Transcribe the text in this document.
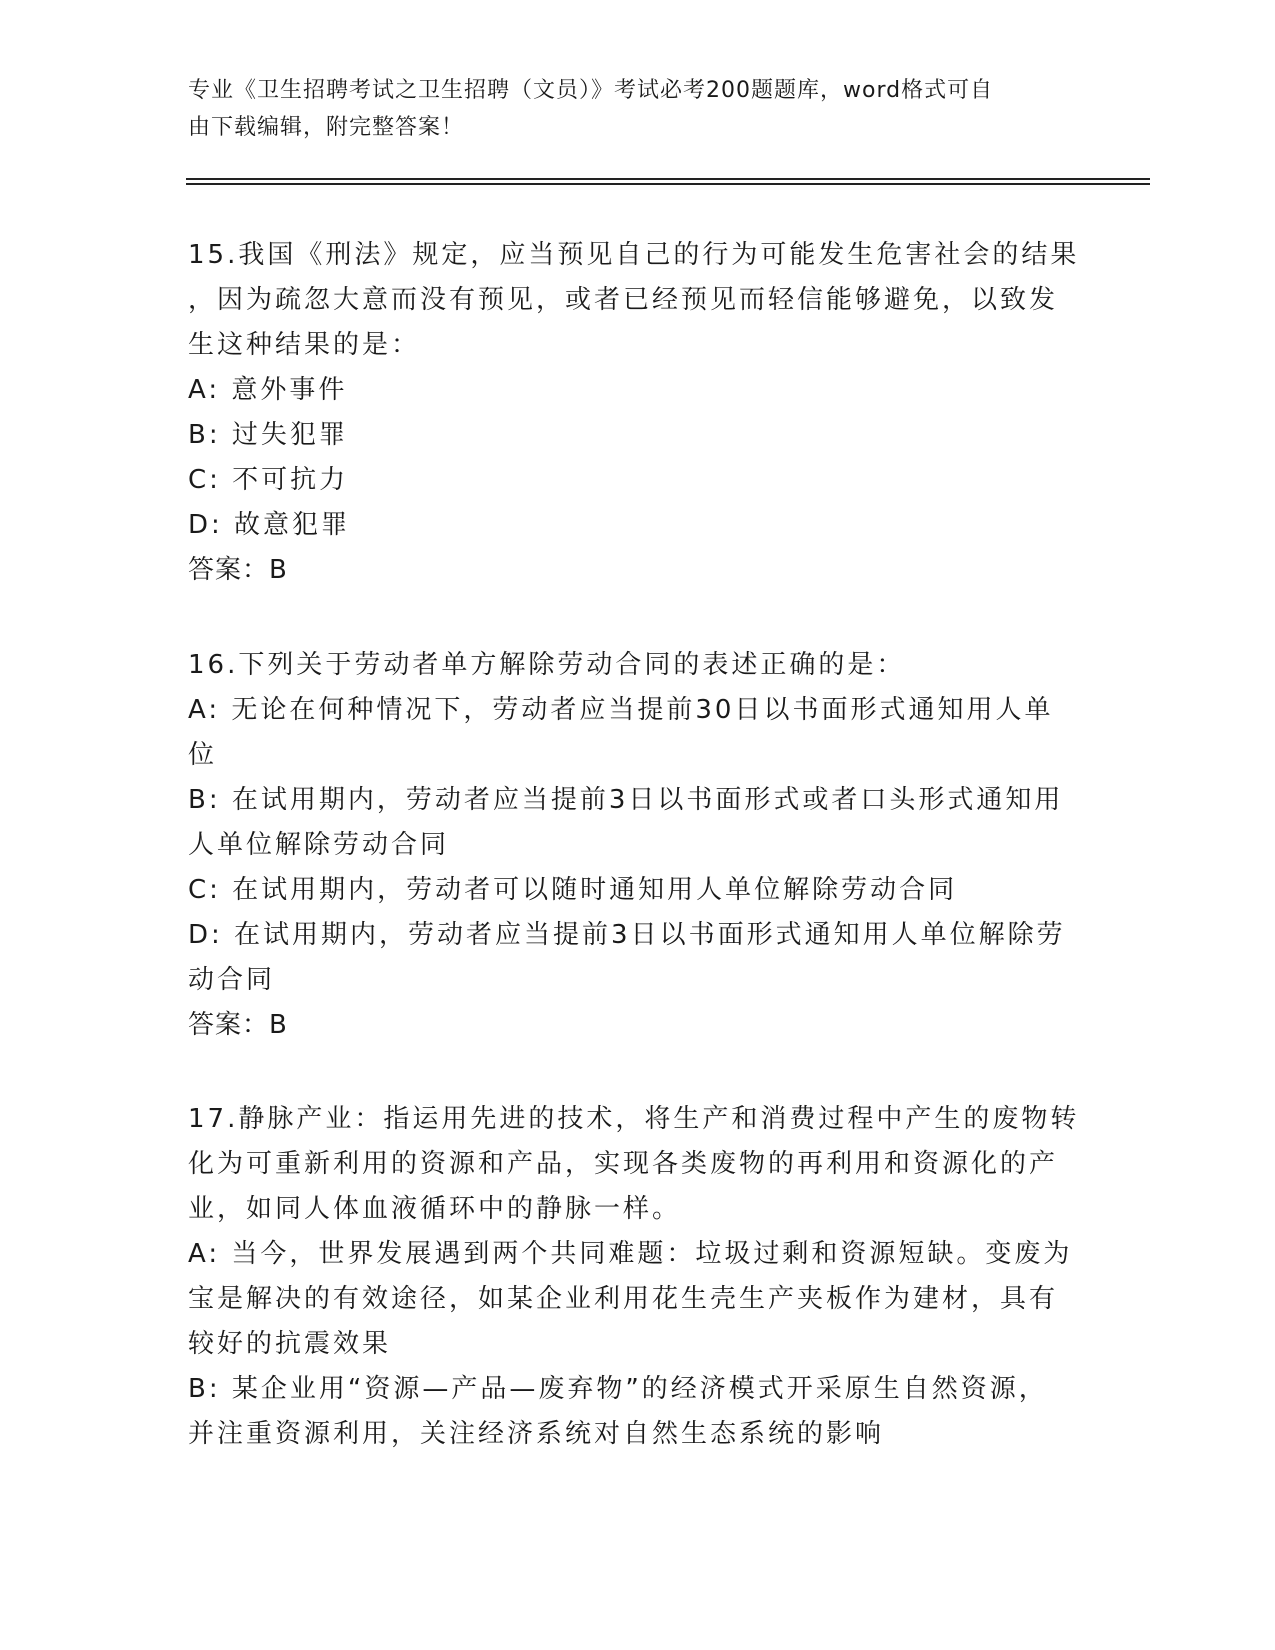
专业《卫生招聘考试之卫生招聘（文员）》考试必考200题题库，word格式可自
由下载编辑，附完整答案！
15.我国《刑法》规定，应当预见自己的行为可能发生危害社会的结果
，因为疏忽大意而没有预见，或者已经预见而轻信能够避免，以致发
生这种结果的是：
A: 意外事件
B: 过失犯罪
C: 不可抗力
D: 故意犯罪
答案：B
16.下列关于劳动者单方解除劳动合同的表述正确的是：
A: 无论在何种情况下，劳动者应当提前30日以书面形式通知用人单
位
B: 在试用期内，劳动者应当提前3日以书面形式或者口头形式通知用
人单位解除劳动合同
C: 在试用期内，劳动者可以随时通知用人单位解除劳动合同
D: 在试用期内，劳动者应当提前3日以书面形式通知用人单位解除劳
动合同
答案：B
17.静脉产业：指运用先进的技术，将生产和消费过程中产生的废物转
化为可重新利用的资源和产品，实现各类废物的再利用和资源化的产
业，如同人体血液循环中的静脉一样。
A: 当今，世界发展遇到两个共同难题：垃圾过剩和资源短缺。变废为
宝是解决的有效途径，如某企业利用花生壳生产夹板作为建材，具有
较好的抗震效果
B: 某企业用“资源—产品—废弃物”的经济模式开采原生自然资源，
并注重资源利用，关注经济系统对自然生态系统的影响
